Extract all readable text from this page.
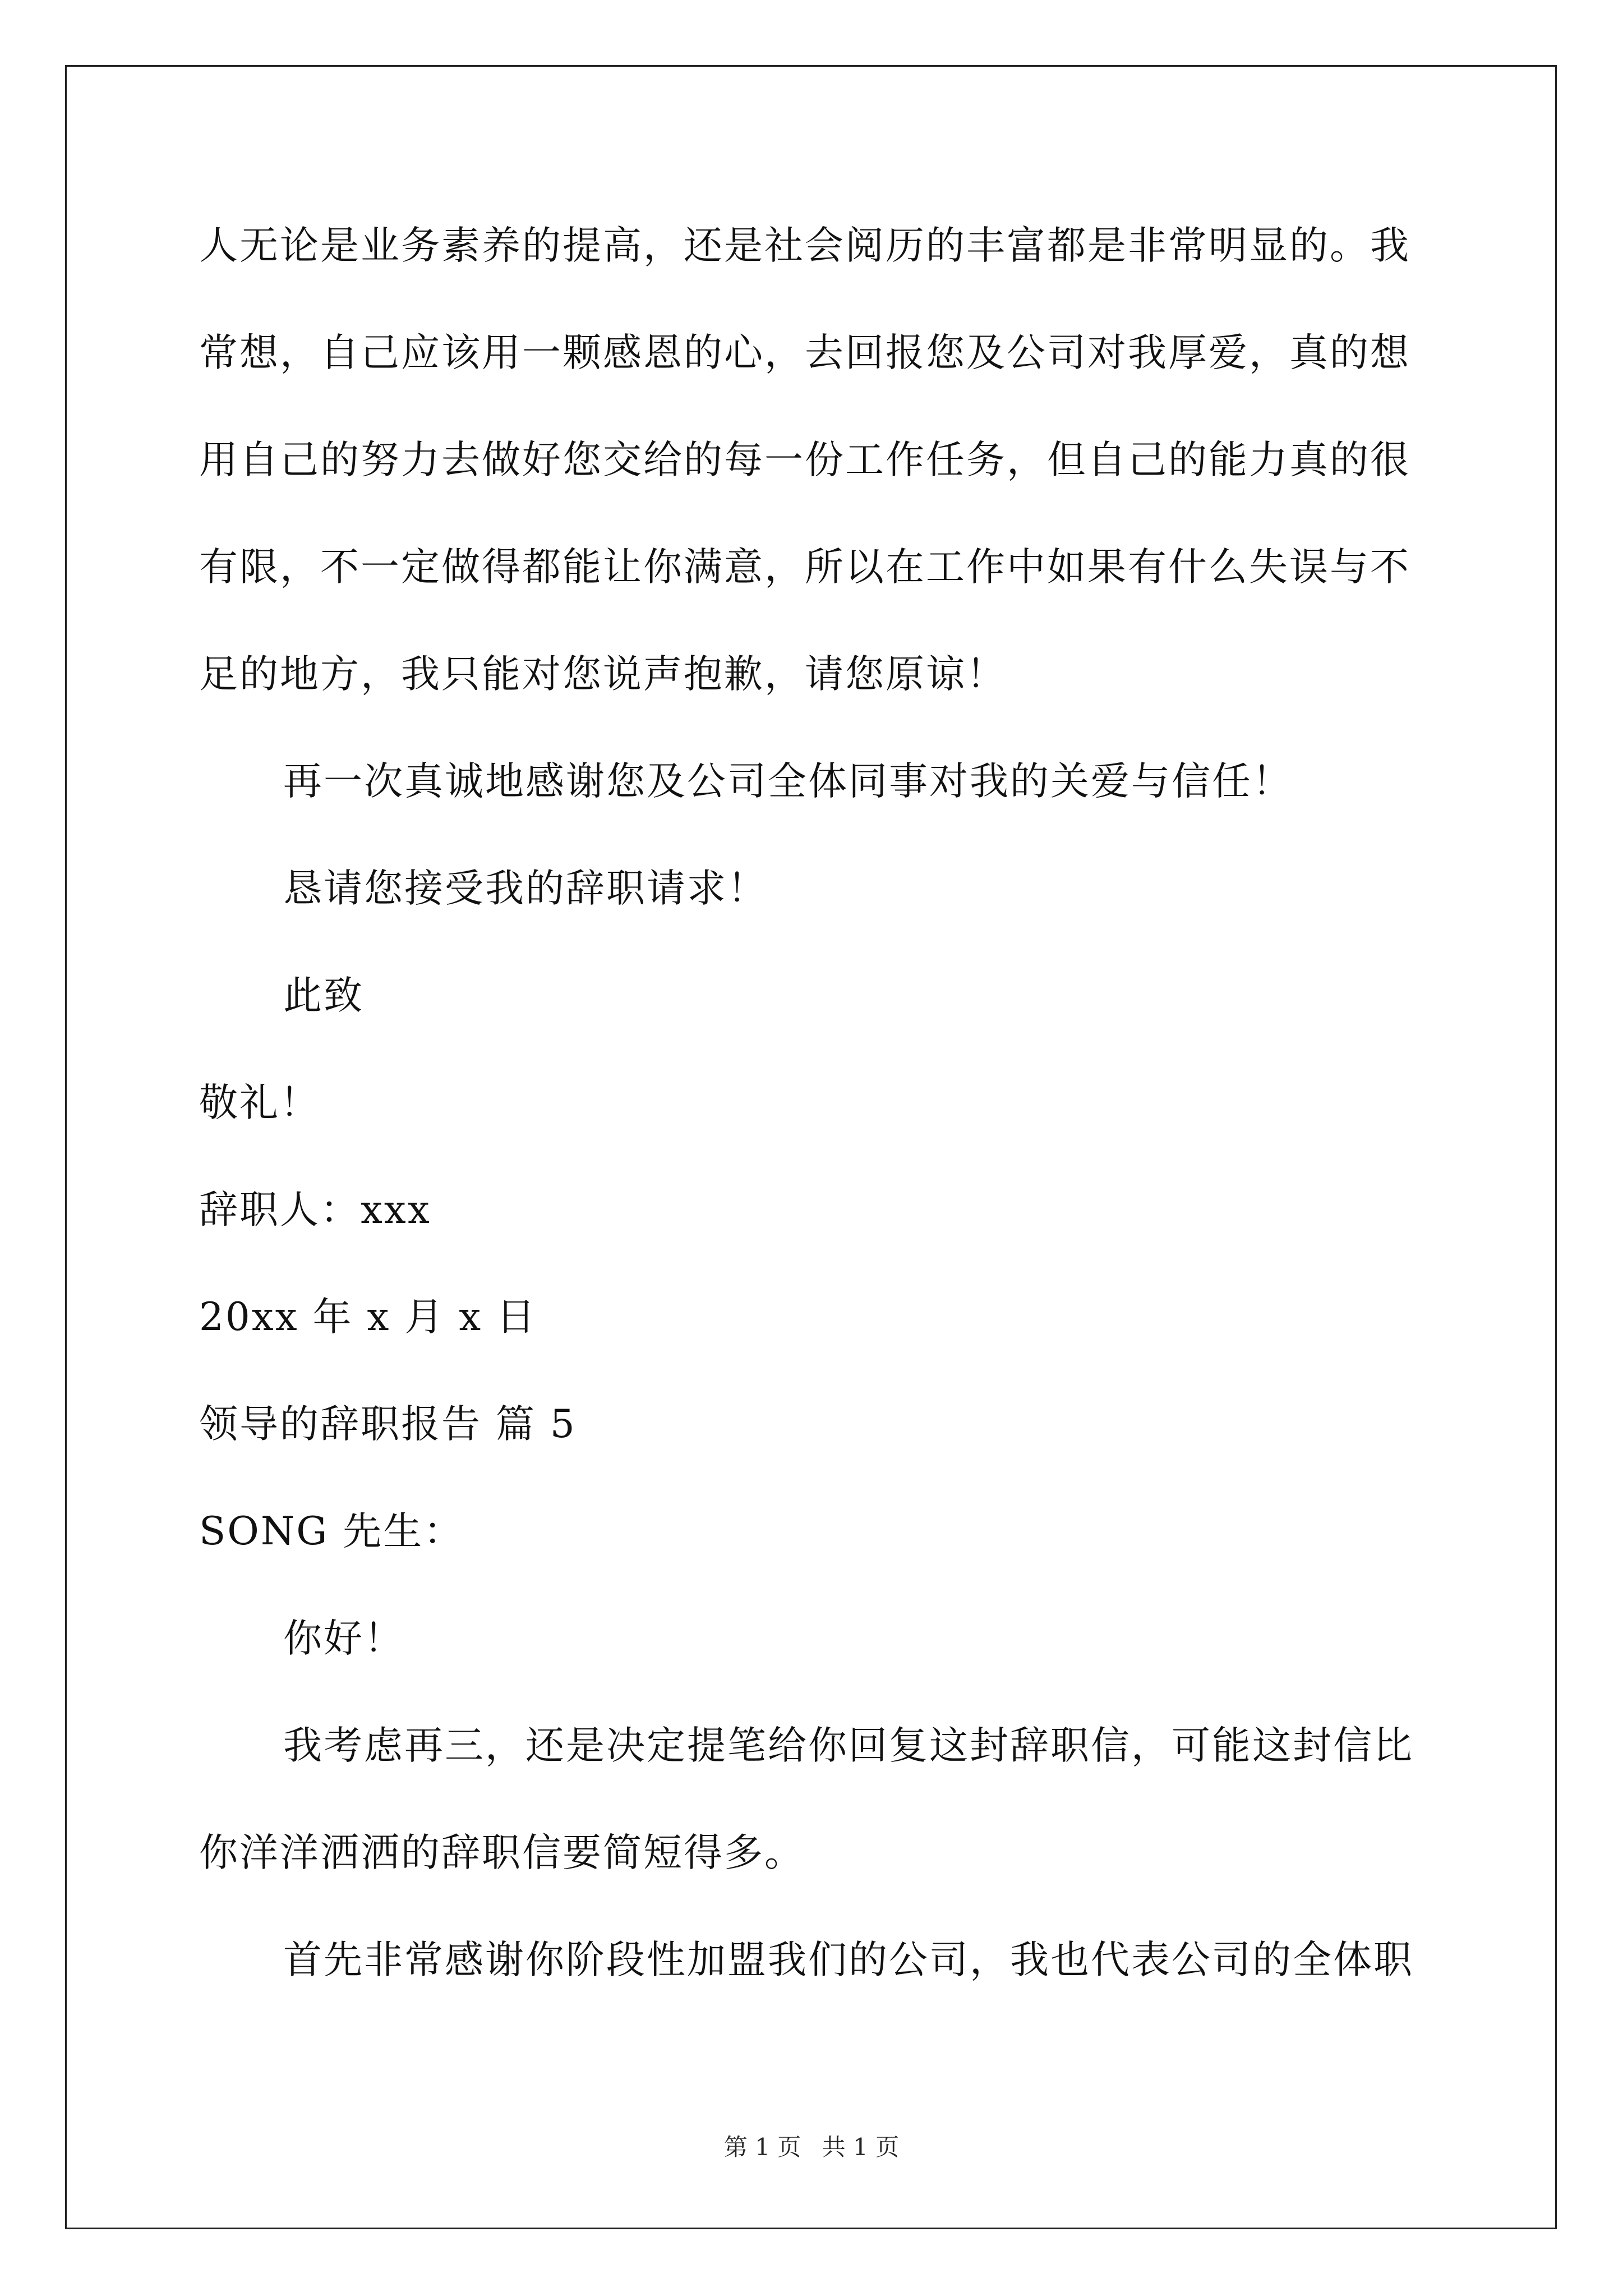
人无论是业务素养的提高，还是社会阅历的丰富都是非常明显的。我
常想，自己应该用一颗感恩的心，去回报您及公司对我厚爱，真的想
用自己的努力去做好您交给的每一份工作任务，但自己的能力真的很
有限，不一定做得都能让你满意，所以在工作中如果有什么失误与不
足的地方，我只能对您说声抱歉，请您原谅！
再一次真诚地感谢您及公司全体同事对我的关爱与信任！
恳请您接受我的辞职请求！
此致
敬礼！
辞职人：xxx
20xx 年 x 月 x 日
领导的辞职报告 篇 5
SONG 先生：
你好！
我考虑再三，还是决定提笔给你回复这封辞职信，可能这封信比
你洋洋洒洒的辞职信要简短得多。
首先非常感谢你阶段性加盟我们的公司，我也代表公司的全体职
第 1 页 共 1 页
